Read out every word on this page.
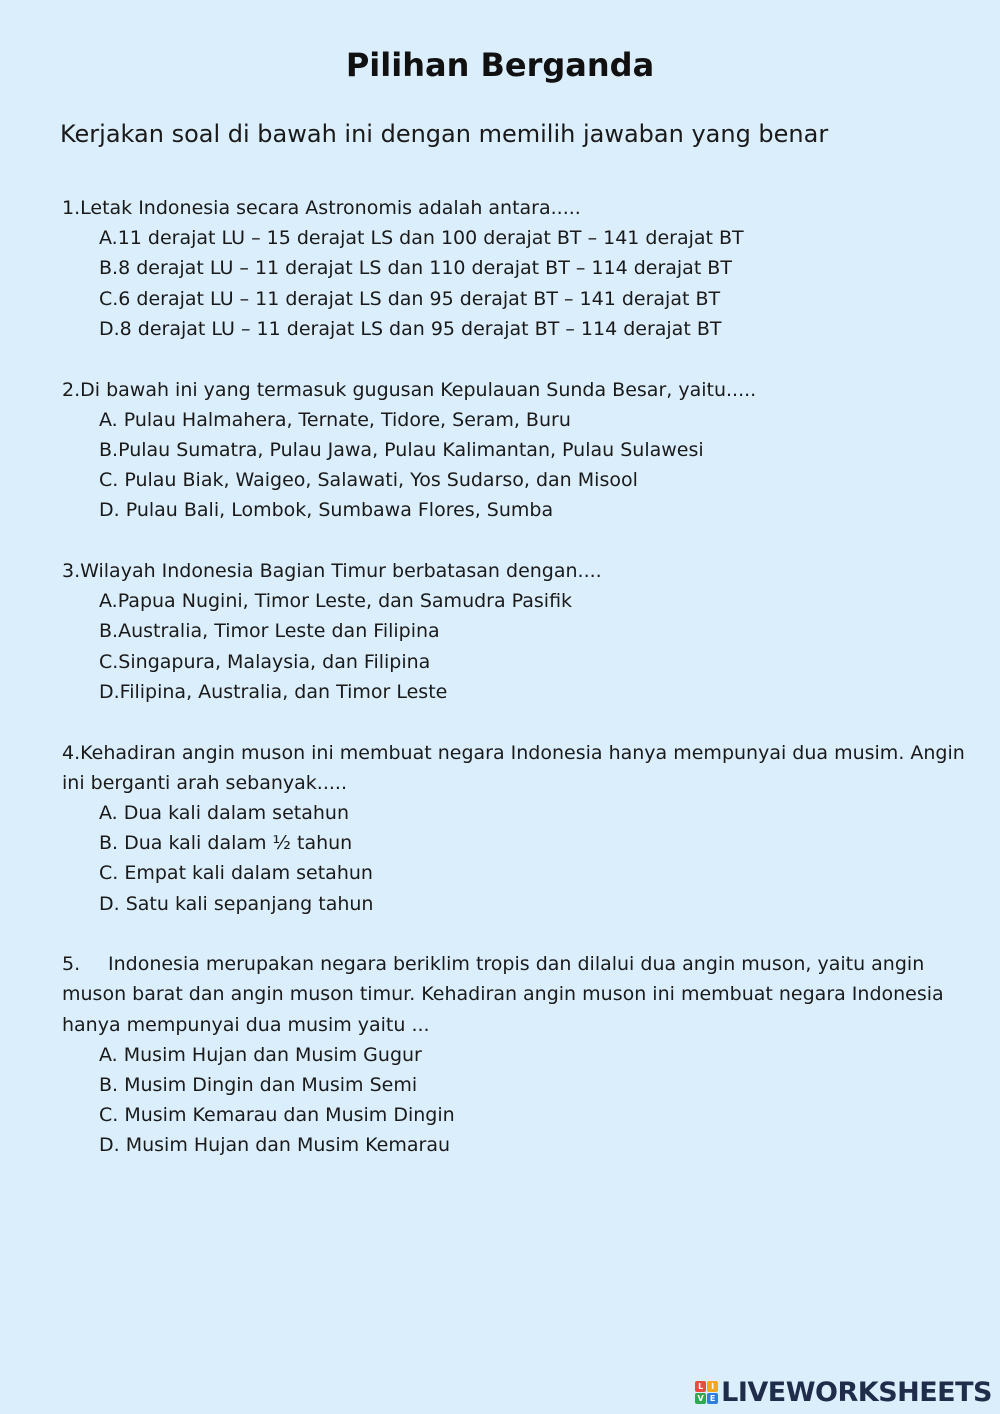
Pilihan Berganda
Kerjakan soal di bawah ini dengan memilih jawaban yang benar
1.Letak Indonesia secara Astronomis adalah antara.....
A.11 derajat LU – 15 derajat LS dan 100 derajat BT – 141 derajat BT
B.8 derajat LU – 11 derajat LS dan 110 derajat BT – 114 derajat BT
C.6 derajat LU – 11 derajat LS dan 95 derajat BT – 141 derajat BT
D.8 derajat LU – 11 derajat LS dan 95 derajat BT – 114 derajat BT
2.Di bawah ini yang termasuk gugusan Kepulauan Sunda Besar, yaitu.....
A. Pulau Halmahera, Ternate, Tidore, Seram, Buru
B.Pulau Sumatra, Pulau Jawa, Pulau Kalimantan, Pulau Sulawesi
C. Pulau Biak, Waigeo, Salawati, Yos Sudarso, dan Misool
D. Pulau Bali, Lombok, Sumbawa Flores, Sumba
3.Wilayah Indonesia Bagian Timur berbatasan dengan....
A.Papua Nugini, Timor Leste, dan Samudra Pasifik
B.Australia, Timor Leste dan Filipina
C.Singapura, Malaysia, dan Filipina
D.Filipina, Australia, dan Timor Leste
4.Kehadiran angin muson ini membuat negara Indonesia hanya mempunyai dua musim. Angin ini berganti arah sebanyak.....
A. Dua kali dalam setahun
B. Dua kali dalam ½ tahun
C. Empat kali dalam setahun
D. Satu kali sepanjang tahun
5. Indonesia merupakan negara beriklim tropis dan dilalui dua angin muson, yaitu angin muson barat dan angin muson timur. Kehadiran angin muson ini membuat negara Indonesia hanya mempunyai dua musim yaitu ...
A. Musim Hujan dan Musim Gugur
B. Musim Dingin dan Musim Semi
C. Musim Kemarau dan Musim Dingin
D. Musim Hujan dan Musim Kemarau
L I
V E LIVEWORKSHEETS
